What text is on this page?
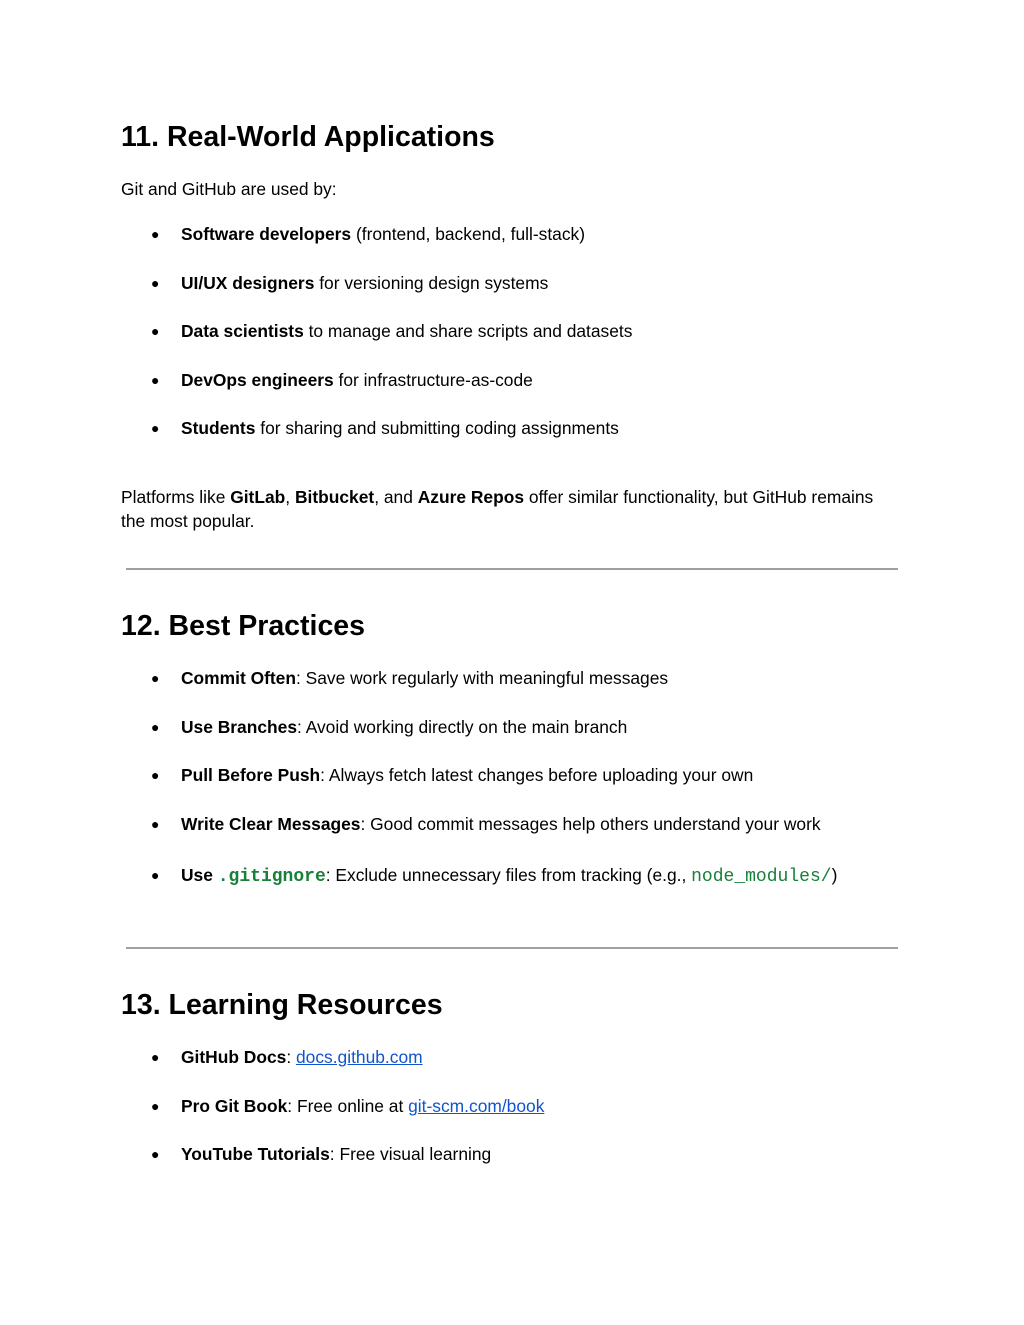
11. Real-World Applications

Git and GitHub are used by:

● Software developers (frontend, backend, full-stack)
● UI/UX designers for versioning design systems
● Data scientists to manage and share scripts and datasets
● DevOps engineers for infrastructure-as-code
● Students for sharing and submitting coding assignments

Platforms like GitLab, Bitbucket, and Azure Repos offer similar functionality, but GitHub remains the most popular.

12. Best Practices
● Commit Often: Save work regularly with meaningful messages
● Use Branches: Avoid working directly on the main branch
● Pull Before Push: Always fetch latest changes before uploading your own
● Write Clear Messages: Good commit messages help others understand your work
● Use .gitignore: Exclude unnecessary files from tracking (e.g., node_modules/)
13. Learning Resources
● GitHub Docs: docs.github.com
● Pro Git Book: Free online at git-scm.com/book
● YouTube Tutorials: Free visual learning
